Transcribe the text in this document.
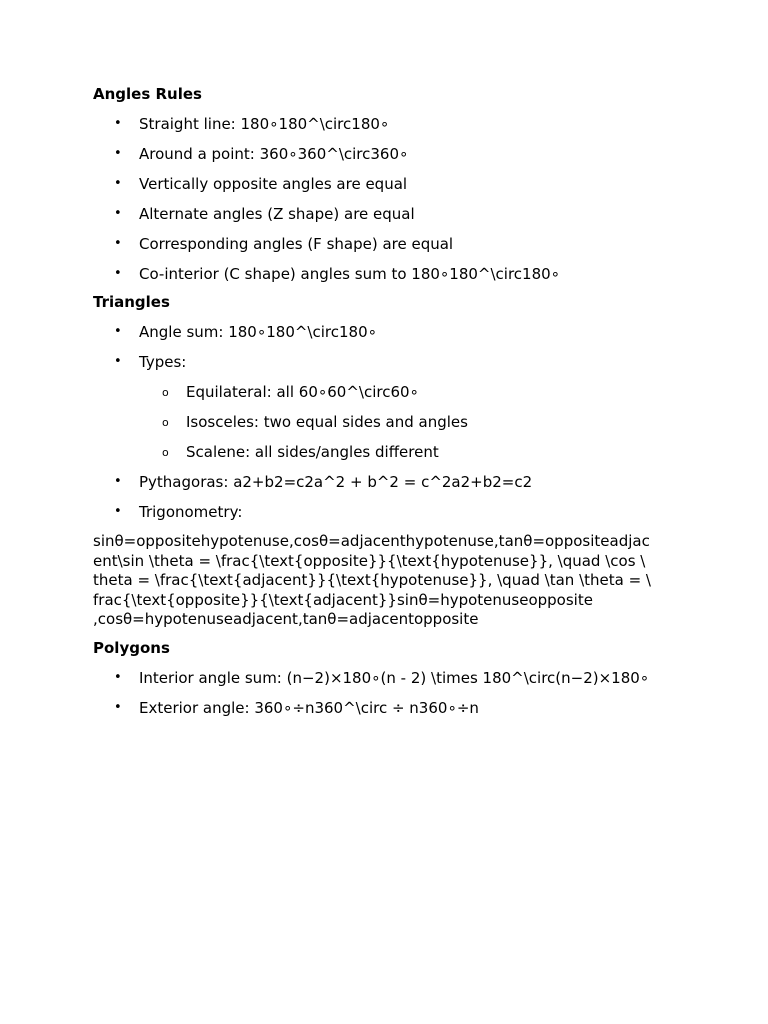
Angles Rules
• Straight line: 180∘180^\circ180∘
• Around a point: 360∘360^\circ360∘
• Vertically opposite angles are equal
• Alternate angles (Z shape) are equal
• Corresponding angles (F shape) are equal
• Co-interior (C shape) angles sum to 180∘180^\circ180∘
Triangles
• Angle sum: 180∘180^\circ180∘
• Types:
o Equilateral: all 60∘60^\circ60∘
o Isosceles: two equal sides and angles
o Scalene: all sides/angles different
• Pythagoras: a2+b2=c2a^2 + b^2 = c^2a2+b2=c2
• Trigonometry:
sinθ=oppositehypotenuse,cosθ=adjacenthypotenuse,tanθ=oppositeadjac
ent\sin \theta = \frac{\text{opposite}}{\text{hypotenuse}}, \quad \cos \
theta = \frac{\text{adjacent}}{\text{hypotenuse}}, \quad \tan \theta = \
frac{\text{opposite}}{\text{adjacent}}sinθ=hypotenuseopposite
,cosθ=hypotenuseadjacent,tanθ=adjacentopposite
Polygons
• Interior angle sum: (n−2)×180∘(n - 2) \times 180^\circ(n−2)×180∘
• Exterior angle: 360∘÷n360^\circ ÷ n360∘÷n
